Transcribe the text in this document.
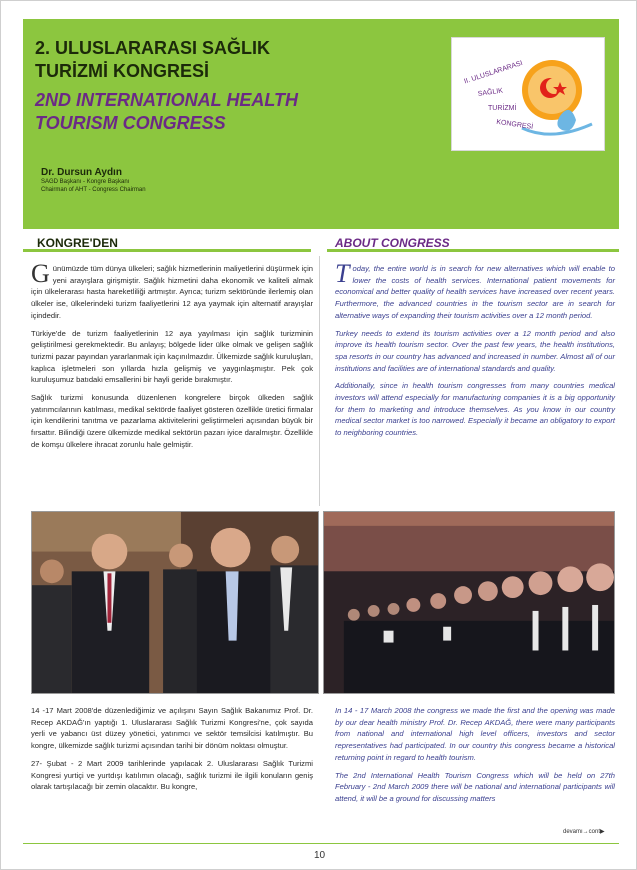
2. ULUSLARARASI SAĞLIK
TURİZMİ KONGRESİ
2ND INTERNATIONAL HEALTH
TOURISM CONGRESS
II. ULUSLARARASI
SAĞLIK
TURİZMİ
KONGRESİ
Dr. Dursun Aydın
SAGD Başkanı - Kongre Başkanı
Chairman of AHT - Congress Chairman
KONGRE'DEN	ABOUT CONGRESS

Günümüzde tüm dünya ülkeleri; sağlık hizmetlerinin maliyetlerini düşürmek için yeni arayışlara girişmiştir. Sağlık hizmetini daha ekonomik ve kaliteli almak için ülkelerarası hasta hareketliliği artmıştır. Ayrıca; turizm sektöründe ilerlemiş olan ülkeler ise, ülkelerindeki turizm faaliyetlerini 12 aya yaymak için alternatif arayışlar içindedir.

Türkiye'de de turizm faaliyetlerinin 12 aya yayılması için sağlık turizminin geliştirilmesi gerekmektedir. Bu anlayış; bölgede lider ülke olmak ve gelişen sağlık turizmi pazar payından yararlanmak için kaçınılmazdır. Ülkemizde sağlık kuruluşları, kaplıca işletmeleri son yıllarda hızla gelişmiş ve yaygınlaşmıştır. Pek çok kuruluşumuz batıdaki emsallerini bir hayli geride bırakmıştır.

Sağlık turizmi konusunda düzenlenen kongrelere birçok ülkeden sağlık yatırımcılarının katılması, medikal sektörde faaliyet gösteren özellikle üretici firmalar için kendilerini tanıtma ve pazarlama aktivitelerini geliştirmeleri açısından büyük bir fırsattır. Bilindiği üzere ülkemizde medikal sektörün pazarı iyice daralmıştır. Özellikle de komşu ülkelere ihracat zorunlu hale gelmiştir.

Today, the entire world is in search for new alternatives which will enable to lower the costs of health services. International patient movements for economical and better quality of health services have increased over recent years. Furthermore, the advanced countries in the tourism sector are in search for alternative ways of expanding their tourism activities over a 12 month period.

Turkey needs to extend its tourism activities over a 12 month period and also improve its health tourism sector. Over the past few years, the health institutions, spa resorts in our country has advanced and increased in number. Almost all of our institutions and facilities are of international standards and quality.

Additionally, since in health tourism congresses from many countries medical investors will attend especially for manufacturing companies it is a big opportunity for them to marketing and introduce themselves. As you know in our country medical sector market is too narrowed. Especially it became an obligatory to export to neighboring countries.

14 -17 Mart 2008'de düzenlediğimiz ve açılışını Sayın Sağlık Bakanımız Prof. Dr. Recep AKDAĞ'ın yaptığı 1. Uluslararası Sağlık Turizmi Kongresi'ne, çok sayıda yerli ve yabancı üst düzey yönetici, yatırımcı ve sektör temsilcisi katılmıştır. Bu kongre, ülkemizde sağlık turizmi açısından tarihi bir dönüm noktası olmuştur.

27- Şubat - 2 Mart 2009 tarihlerinde yapılacak 2. Uluslararası Sağlık Turizmi Kongresi yurtiçi ve yurtdışı katılımın olacağı, sağlık turizmi ile ilgili konuların geniş olarak tartışılacağı bir zemin olacaktır. Bu kongre,

In 14 - 17 March 2008 the congress we made the first and the opening was made by our dear health ministry Prof. Dr. Recep AKDAĞ, there were many participants from national and international high level officers, investors and sector representatives had participated. In our country this congress became a historical returning point in regard to health tourism.

The 2nd International Health Tourism Congress which will be held on 27th February - 2nd March 2009 there will be national and international participants will attend, it will be a ground for discussing matters

devamı→cont▶
10
